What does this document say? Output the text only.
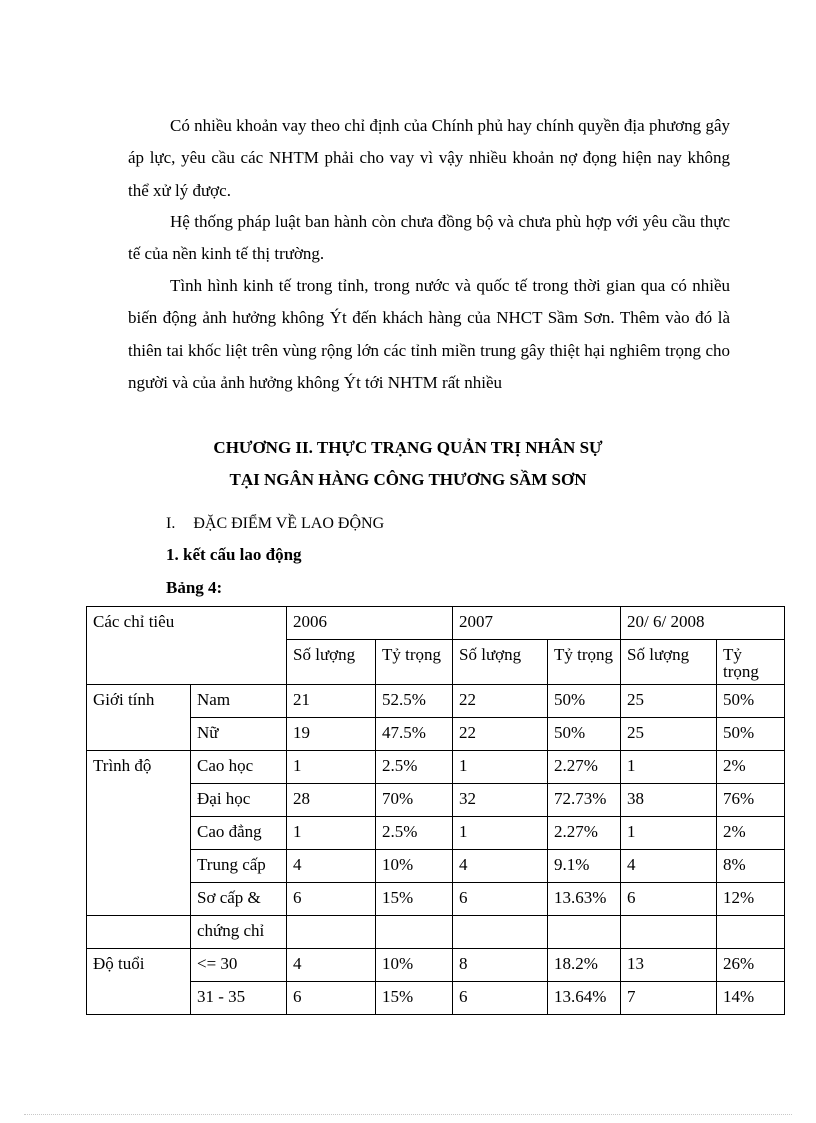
Có nhiều khoản vay theo chỉ định của Chính phủ hay chính quyền địa phương gây áp lực, yêu cầu các NHTM phải cho vay vì vậy nhiều khoản nợ đọng hiện nay không thể xử lý được.

Hệ thống pháp luật ban hành còn chưa đồng bộ và chưa phù hợp với yêu cầu thực tế của nền kinh tế thị trường.

Tình hình kinh tế trong tỉnh, trong nước và quốc tế trong thời gian qua có nhiều biến động ảnh hưởng không Ýt đến khách hàng của NHCT Sầm Sơn. Thêm vào đó là thiên tai khốc liệt trên vùng rộng lớn các tỉnh miền trung gây thiệt hại nghiêm trọng cho người và của ảnh hưởng không Ýt tới NHTM rất nhiều

CHƯƠNG II. THỰC TRẠNG QUẢN TRỊ NHÂN SỰ

TẠI NGÂN HÀNG CÔNG THƯƠNG SẦM SƠN

I. ĐẶC ĐIỂM VỀ LAO ĐỘNG
1. kết cấu lao động
Bảng 4:
Các chỉ tiêu		2006		2007		20/ 6/ 2008	
		Số lượng	Tỷ trọng	Số lượng	Tỷ trọng	Số lượng	Tỷ trọng
Giới tính	Nam	21	52.5%	22	50%	25	50%
	Nữ	19	47.5%	22	50%	25	50%
Trình độ	Cao học	1	2.5%	1	2.27%	1	2%
	Đại học	28	70%	32	72.73%	38	76%
	Cao đẳng	1	2.5%	1	2.27%	1	2%
	Trung cấp	4	10%	4	9.1%	4	8%
	Sơ cấp &	6	15%	6	13.63%	6	12%
	chứng chỉ						
Độ tuổi	<= 30	4	10%	8	18.2%	13	26%
	31 - 35	6	15%	6	13.64%	7	14%
